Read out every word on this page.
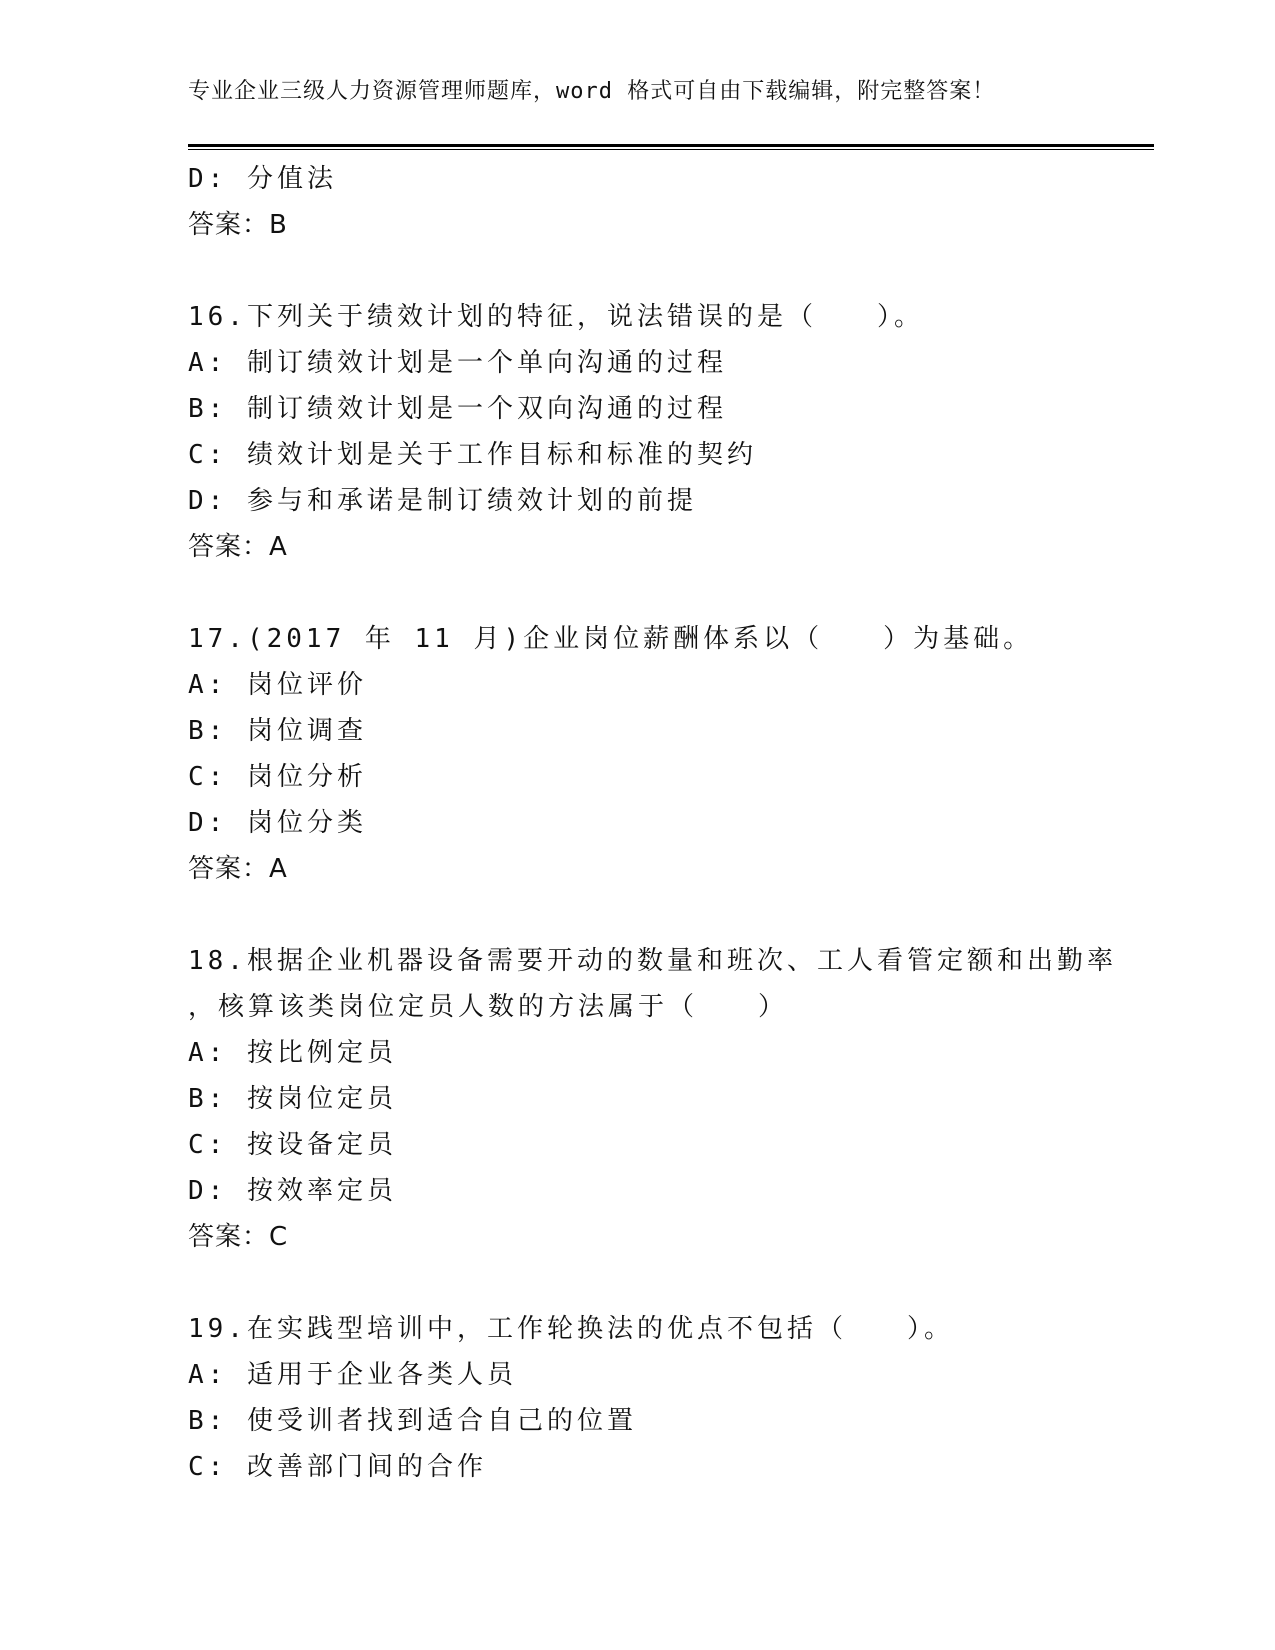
专业企业三级人力资源管理师题库，word 格式可自由下载编辑，附完整答案！
D: 分值法
答案：B
16.下列关于绩效计划的特征，说法错误的是（　　）。
A: 制订绩效计划是一个单向沟通的过程
B: 制订绩效计划是一个双向沟通的过程
C: 绩效计划是关于工作目标和标准的契约
D: 参与和承诺是制订绩效计划的前提
答案：A
17.(2017 年 11 月)企业岗位薪酬体系以（　　）为基础。
A: 岗位评价
B: 岗位调查
C: 岗位分析
D: 岗位分类
答案：A
18.根据企业机器设备需要开动的数量和班次、工人看管定额和出勤率
，核算该类岗位定员人数的方法属于（　　）
A: 按比例定员
B: 按岗位定员
C: 按设备定员
D: 按效率定员
答案：C
19.在实践型培训中，工作轮换法的优点不包括（　　）。
A: 适用于企业各类人员
B: 使受训者找到适合自己的位置
C: 改善部门间的合作
